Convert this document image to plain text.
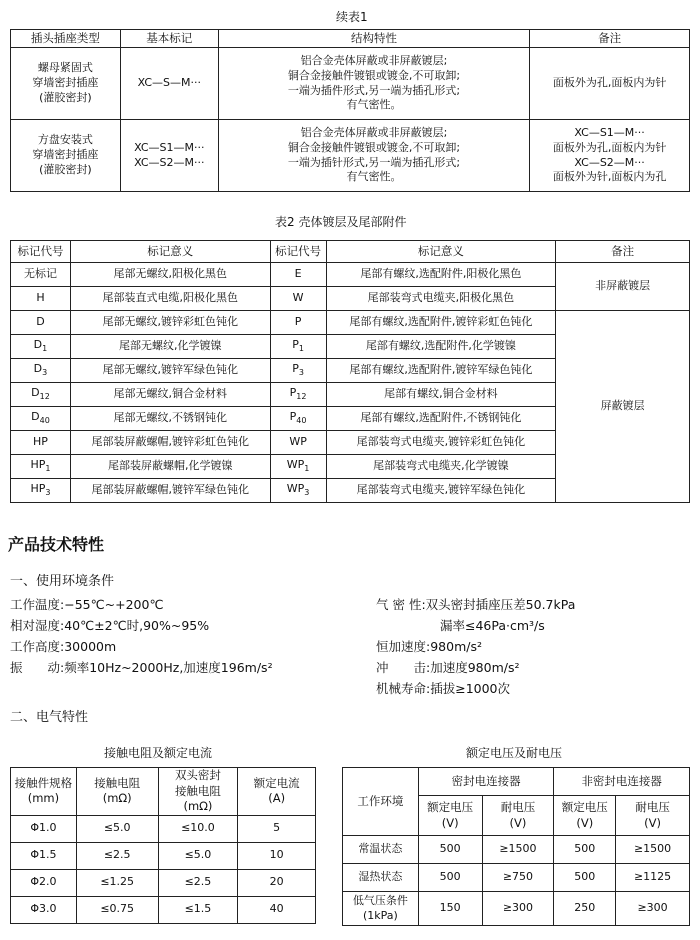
续表1
插头插座类型	基本标记	结构特性	备注
螺母紧固式
穿墙密封插座
(灌胶密封)	XC—S—M···	铝合金壳体屏蔽或非屏蔽镀层;
铜合金接触件镀银或镀金,不可取卸;
一端为插件形式,另一端为插孔形式;
有气密性。	面板外为孔,面板内为针
方盘安装式
穿墙密封插座
(灌胶密封)	XC—S1—M···
XC—S2—M···	铝合金壳体屏蔽或非屏蔽镀层;
铜合金接触件镀银或镀金,不可取卸;
一端为插针形式,另一端为插孔形式;
有气密性。	XC—S1—M···
面板外为孔,面板内为针
XC—S2—M···
面板外为针,面板内为孔
表2 壳体镀层及尾部附件
标记代号	标记意义	标记代号	标记意义	备注
无标记	尾部无螺纹,阳极化黑色	E	尾部有螺纹,选配附件,阳极化黑色	非屏蔽镀层
H	尾部装直式电缆,阳极化黑色	W	尾部装弯式电缆夹,阳极化黑色	
D	尾部无螺纹,镀锌彩虹色钝化	P	尾部有螺纹,选配附件,镀锌彩虹色钝化	屏蔽镀层
$D_1$	尾部无螺纹,化学镀镍	$P_1$	尾部有螺纹,选配附件,化学镀镍	
$D_3$	尾部无螺纹,镀锌军绿色钝化	$P_3$	尾部有螺纹,选配附件,镀锌军绿色钝化	
$D_{12}$	尾部无螺纹,铜合金材料	$P_{12}$	尾部有螺纹,铜合金材料	
$D_{40}$	尾部无螺纹,不锈钢钝化	$P_{40}$	尾部有螺纹,选配附件,不锈钢钝化	
HP	尾部装屏蔽螺帽,镀锌彩虹色钝化	WP	尾部装弯式电缆夹,镀锌彩虹色钝化	
$HP_1$	尾部装屏蔽螺帽,化学镀镍	$WP_1$	尾部装弯式电缆夹,化学镀镍	
$HP_3$	尾部装屏蔽螺帽,镀锌军绿色钝化	$WP_3$	尾部装弯式电缆夹,镀锌军绿色钝化	
产品技术特性
一、使用环境条件
工作温度:−55℃~+200℃
相对湿度:40℃±2℃时,90%~95%
工作高度:30000m
振　　动:频率10Hz~2000Hz,加速度196m/s²
气 密 性:双头密封插座压差50.7kPa
漏率≤46Pa·cm³/s
恒加速度:980m/s²
冲　　击:加速度980m/s²
机械寿命:插拔≥1000次
二、电气特性
接触电阻及额定电流
接触件规格
(mm)	接触电阻
(mΩ)	双头密封
接触电阻
(mΩ)	额定电流
(A)
Φ1.0	≤5.0	≤10.0	5
Φ1.5	≤2.5	≤5.0	10
Φ2.0	≤1.25	≤2.5	20
Φ3.0	≤0.75	≤1.5	40
额定电压及耐电压
工作环境	密封电连接器		非密封电连接器	
	额定电压
(V)	耐电压
(V)	额定电压
(V)	耐电压
(V)
常温状态	500	≥1500	500	≥1500
湿热状态	500	≥750	500	≥1125
低气压条件
(1kPa)	150	≥300	250	≥300
